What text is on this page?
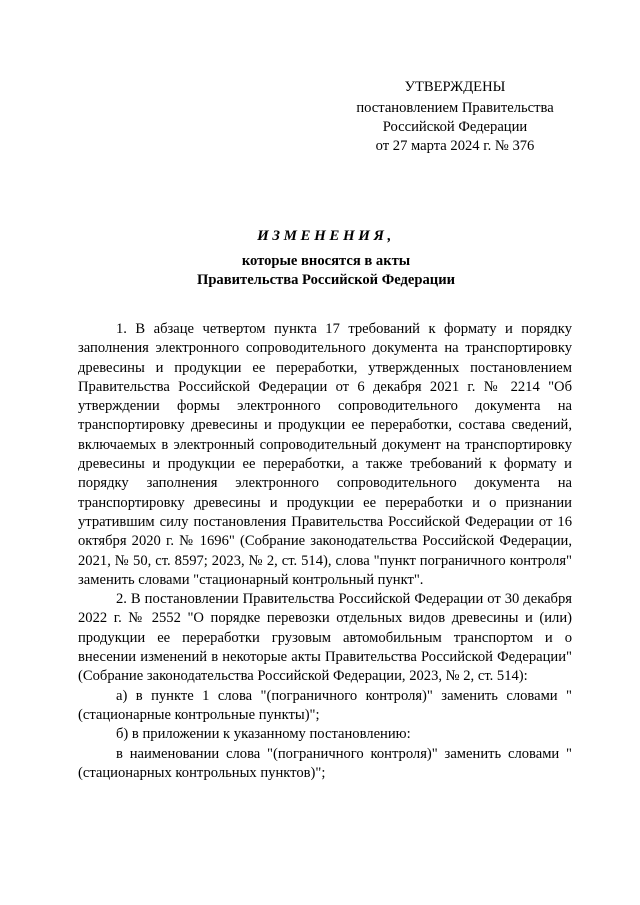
УТВЕРЖДЕНЫ
постановлением Правительства
Российской Федерации
от 27 марта 2024 г. № 376
ИЗМЕНЕНИЯ,
которые вносятся в акты
Правительства Российской Федерации

1. В абзаце четвертом пункта 17 требований к формату и порядку заполнения электронного сопроводительного документа на транспортировку древесины и продукции ее переработки, утвержденных постановлением Правительства Российской Федерации от 6 декабря 2021 г. № 2214 "Об утверждении формы электронного сопроводительного документа на транспортировку древесины и продукции ее переработки, состава сведений, включаемых в электронный сопроводительный документ на транспортировку древесины и продукции ее переработки, а также требований к формату и порядку заполнения электронного сопроводительного документа на транспортировку древесины и продукции ее переработки и о признании утратившим силу постановления Правительства Российской Федерации от 16 октября 2020 г. № 1696" (Собрание законодательства Российской Федерации, 2021, № 50, ст. 8597; 2023, № 2, ст. 514), слова "пункт пограничного контроля" заменить словами "стационарный контрольный пункт".

2. В постановлении Правительства Российской Федерации от 30 декабря 2022 г. № 2552 "О порядке перевозки отдельных видов древесины и (или) продукции ее переработки грузовым автомобильным транспортом и о внесении изменений в некоторые акты Правительства Российской Федерации" (Собрание законодательства Российской Федерации, 2023, № 2, ст. 514):

а) в пункте 1 слова "(пограничного контроля)" заменить словами "(стационарные контрольные пункты)";

б) в приложении к указанному постановлению:

в наименовании слова "(пограничного контроля)" заменить словами "(стационарных контрольных пунктов)";
